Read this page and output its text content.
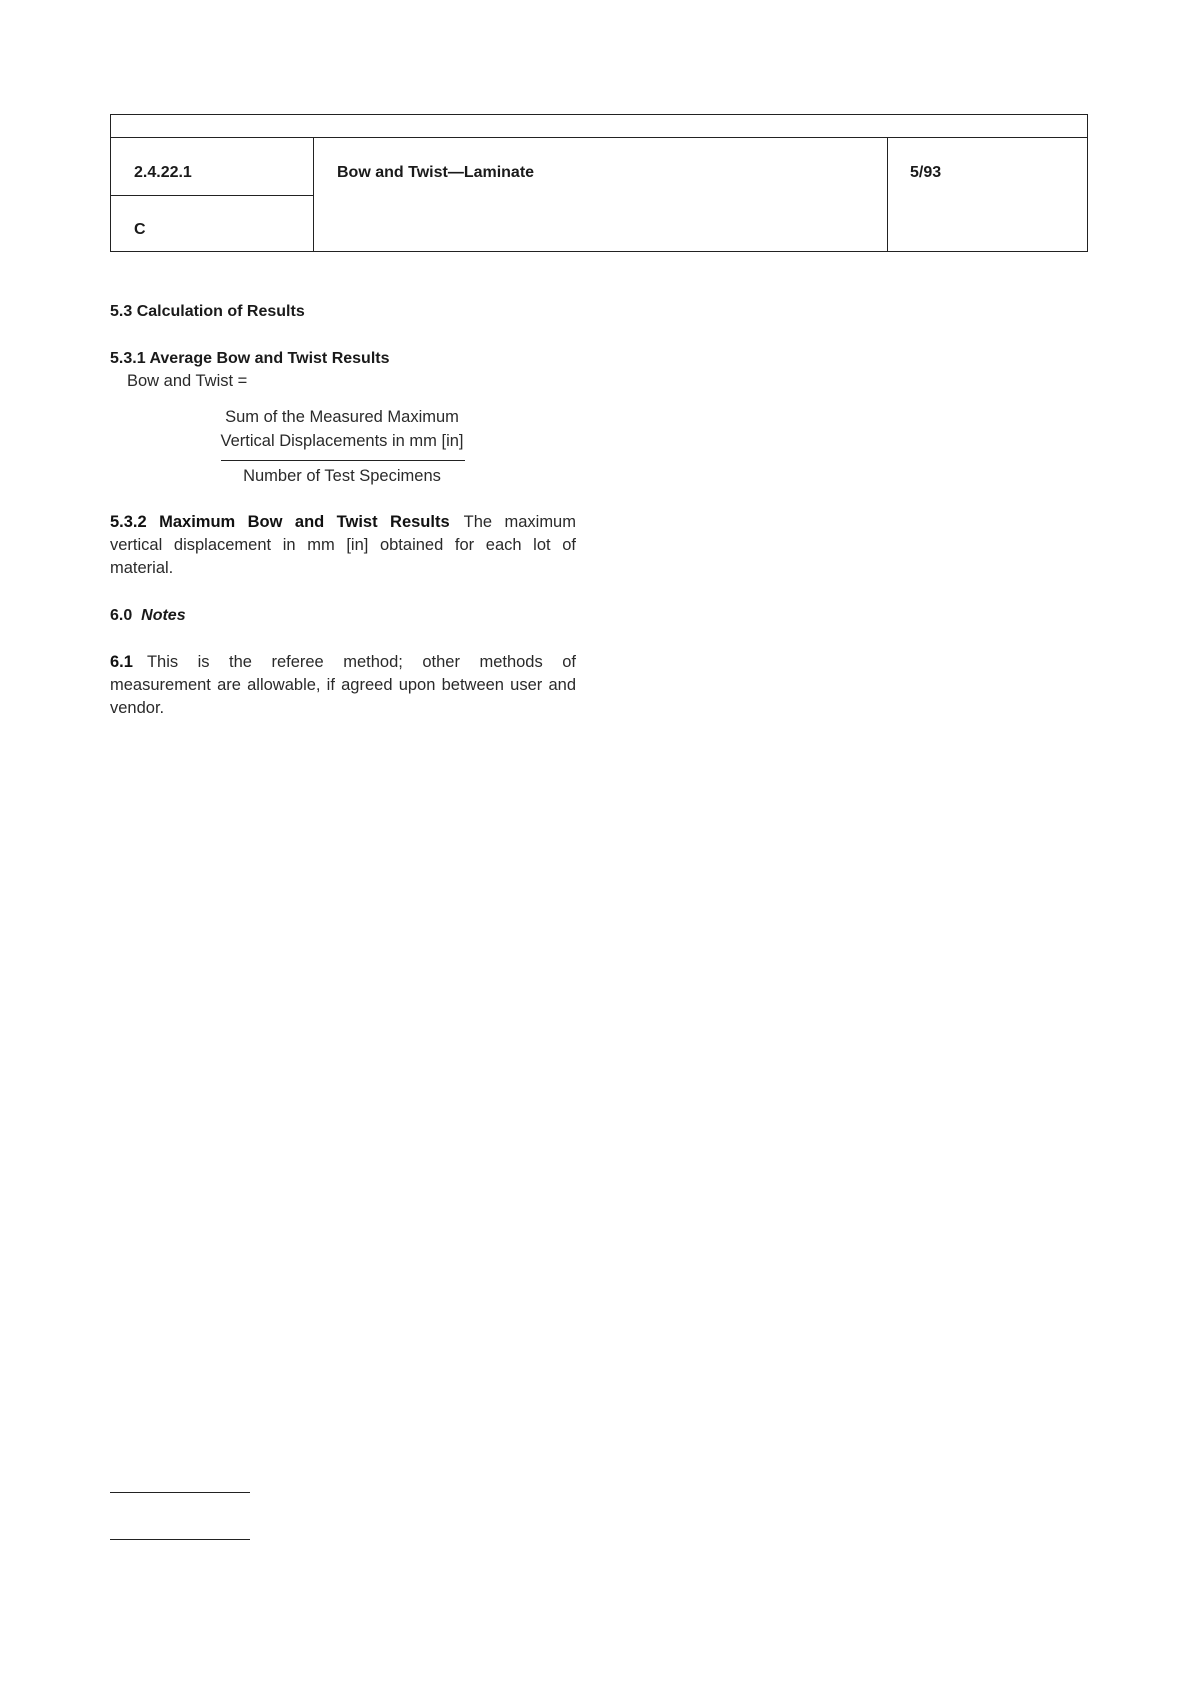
2.4.22.1
C
Bow and Twist—Laminate	5/93
5.3 Calculation of Results
5.3.1 Average Bow and Twist Results
Bow and Twist =
Sum of the Measured Maximum
Vertical Displacements in mm [in]
Number of Test Specimens
5.3.2 Maximum Bow and Twist Results The maximum vertical displacement in mm [in] obtained for each lot of material.
6.0 Notes
6.1 This is the referee method; other methods of measurement are allowable, if agreed upon between user and vendor.
